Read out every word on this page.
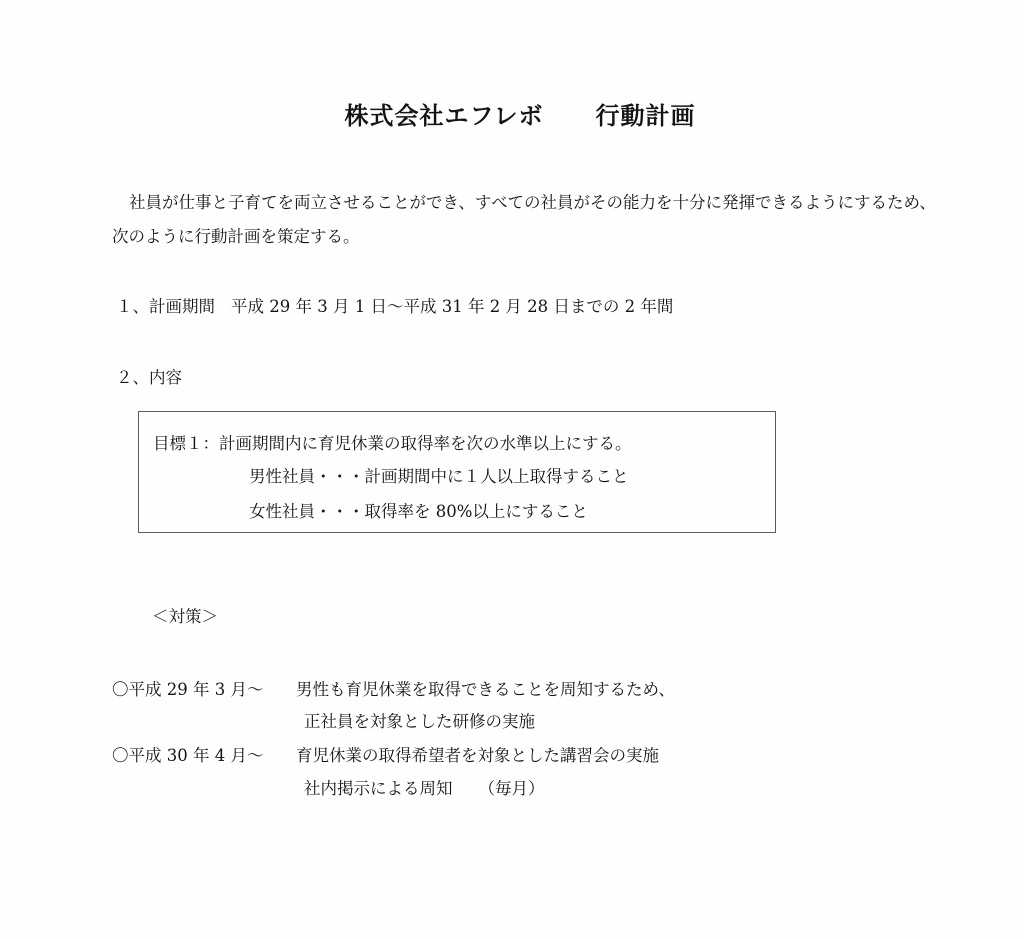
株式会社エフレボ 行動計画

社員が仕事と子育てを両立させることができ、すべての社員がその能力を十分に発揮できるようにするため、次のように行動計画を策定する。

１、計画期間 平成 29 年 3 月 1 日～平成 31 年 2 月 28 日までの 2 年間
２、内容
目標１：計画期間内に育児休業の取得率を次の水準以上にする。
男性社員・・・計画期間中に１人以上取得すること
女性社員・・・取得率を 80%以上にすること
＜対策＞
〇平成 29 年 3 月～ 男性も育児休業を取得できることを周知するため、
正社員を対象とした研修の実施
〇平成 30 年 4 月～ 育児休業の取得希望者を対象とした講習会の実施
社内掲示による周知 （毎月）
